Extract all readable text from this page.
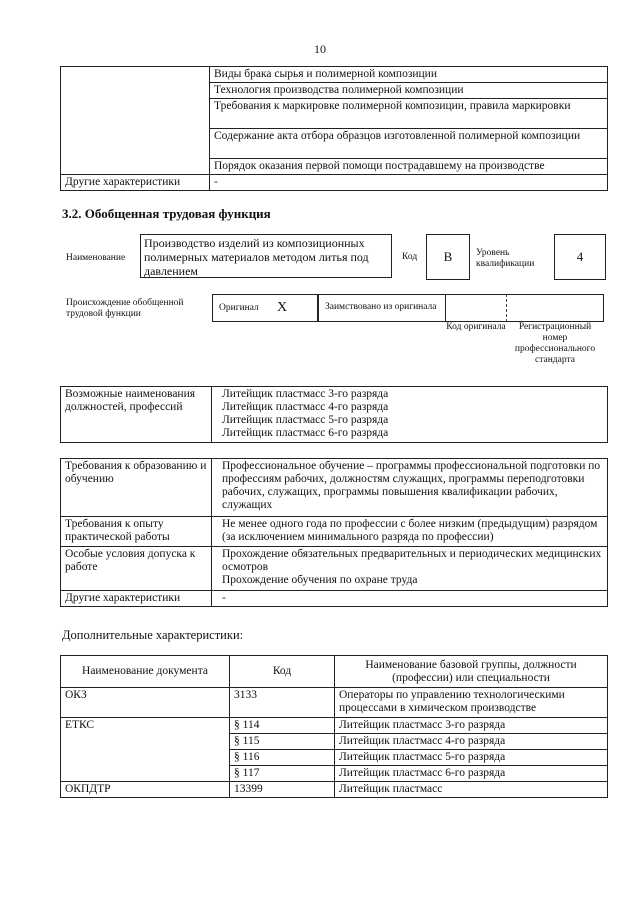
10
	Виды брака сырья и полимерной композиции
	Технология производства полимерной композиции
	Требования к маркировке полимерной композиции, правила маркировки
	Содержание акта отбора образцов изготовленной полимерной композиции
	Порядок оказания первой помощи пострадавшему на производстве
Другие характеристики	-
3.2. Обобщенная трудовая функция
Наименование
Производство изделий из композиционных полимерных материалов методом литья под давлением
Код	В	Уровень квалификации	4
Происхождение обобщенной трудовой функции
Оригинал X	Заимствовано из оригинала
Код оригинала	Регистрационный номер профессионального стандарта
Возможные наименования должностей, профессий	
Литейщик пластмасс 3-го разряда
Литейщик пластмасс 4-го разряда
Литейщик пластмасс 5-го разряда
Литейщик пластмасс 6-го разряда
Требования к образованию и обучению	Профессиональное обучение – программы профессиональной подготовки по профессиям рабочих, должностям служащих, программы переподготовки рабочих, служащих, программы повышения квалификации рабочих, служащих
Требования к опыту практической работы	Не менее одного года по профессии с более низким (предыдущим) разрядом (за исключением минимального разряда по профессии)
Особые условия допуска к работе	Прохождение обязательных предварительных и периодических медицинских осмотров
Прохождение обучения по охране труда

Другие характеристики	-
Дополнительные характеристики:
Наименование документа	Код	Наименование базовой группы, должности (профессии) или специальности
ОКЗ	3133	Операторы по управлению технологическими процессами в химическом производстве
ЕТКС	§ 114	Литейщик пластмасс 3-го разряда
	§ 115	Литейщик пластмасс 4-го разряда
	§ 116	Литейщик пластмасс 5-го разряда
	§ 117	Литейщик пластмасс 6-го разряда
ОКПДТР	13399	Литейщик пластмасс
